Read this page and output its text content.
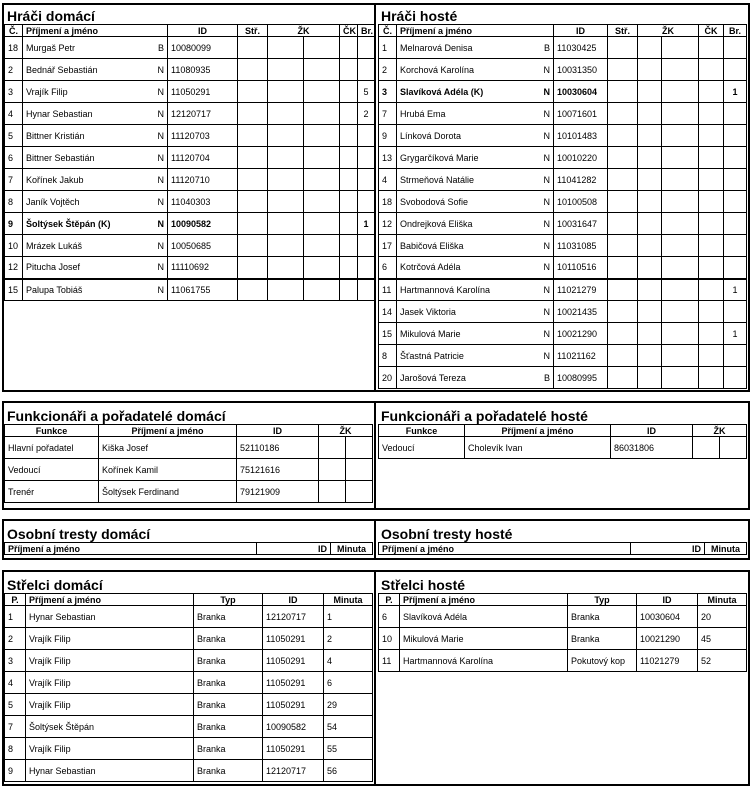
Hráči domácí
Č.	Příjmení a jméno		ID	Stř.	ŽK		ČK	Br.
18	Murgaš Petr	B	10080099					
2	Bednář Sebastián	N	11080935					
3	Vrajík Filip	N	11050291					5
4	Hynar Sebastian	N	12120717					2
5	Bittner Kristián	N	11120703					
6	Bittner Sebastián	N	11120704					
7	Kořínek Jakub	N	11120710					
8	Janík Vojtěch	N	11040303					
9	Šoltýsek Štěpán (K)	N	10090582					1
10	Mrázek Lukáš	N	10050685					
12	Pitucha Josef	N	11110692					
15	Palupa Tobiáš	N	11061755					
Hráči hosté
Č.	Příjmení a jméno		ID	Stř.	ŽK		ČK	Br.
1	Melnarová Denisa	B	11030425					
2	Korchová Karolína	N	10031350					
3	Slavíková Adéla (K)	N	10030604					1
7	Hrubá Ema	N	10071601					
9	Línková Dorota	N	10101483					
13	Grygarčíková Marie	N	10010220					
4	Strmeňová Natálie	N	11041282					
18	Svobodová Sofie	N	10100508					
12	Ondrejková Eliška	N	10031647					
17	Babičová Eliška	N	11031085					
6	Kotrčová Adéla	N	10110516					
11	Hartmannová Karolína	N	11021279					1
14	Jasek Viktoria	N	10021435					
15	Mikulová Marie	N	10021290					1
8	Šťastná Patricie	N	11021162					
20	Jarošová Tereza	B	10080995					
Funkcionáři a pořadatelé domácí
Funkce	Příjmení a jméno	ID	ŽK	
Hlavní pořadatel	Kiška Josef	52110186		
Vedoucí	Kořínek Kamil	75121616		
Trenér	Šoltýsek Ferdinand	79121909		
Funkcionáři a pořadatelé hosté
Funkce	Příjmení a jméno	ID	ŽK	
Vedoucí	Cholevík Ivan	86031806		
Osobní tresty domácí
Příjmení a jméno	ID	Minuta
Osobní tresty hosté
Příjmení a jméno	ID	Minuta
Střelci domácí
P.	Příjmení a jméno	Typ	ID	Minuta
1	Hynar Sebastian	Branka	12120717	1
2	Vrajík Filip	Branka	11050291	2
3	Vrajík Filip	Branka	11050291	4
4	Vrajík Filip	Branka	11050291	6
5	Vrajík Filip	Branka	11050291	29
7	Šoltýsek Štěpán	Branka	10090582	54
8	Vrajík Filip	Branka	11050291	55
9	Hynar Sebastian	Branka	12120717	56
Střelci hosté
P.	Příjmení a jméno	Typ	ID	Minuta
6	Slavíková Adéla	Branka	10030604	20
10	Mikulová Marie	Branka	10021290	45
11	Hartmannová Karolína	Pokutový kop	11021279	52
